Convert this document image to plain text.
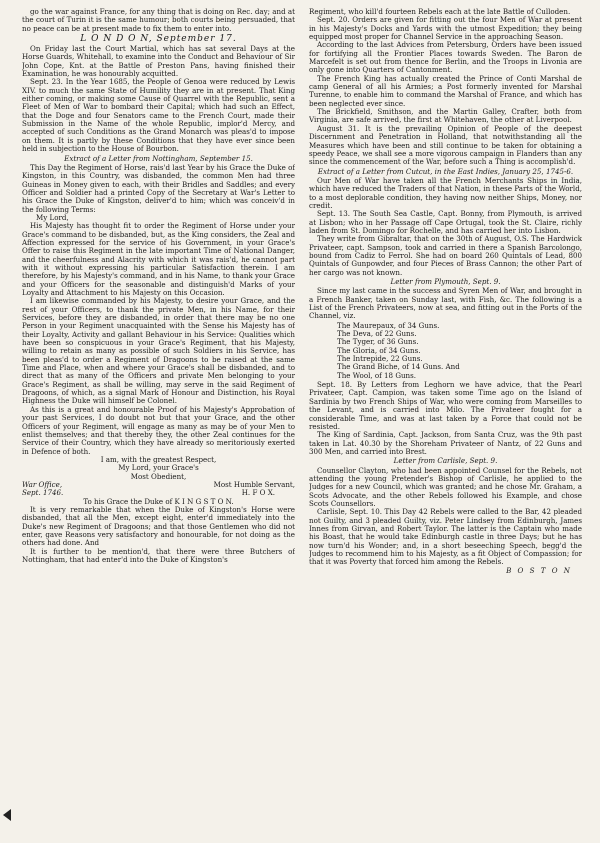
go the war against France, for any thing that is doing on Rec. day; and at the court of Turin it is the same humour; both courts being persuaded, that no peace can be at present made to fix them to enter into.

L O N D O N, September 17.

On Friday last the Court Martial, which has sat several Days at the Horse Guards, Whitehall, to examine into the Conduct and Behaviour of Sir John Cope, Knt. at the Battle of Preston Pans, having finished their Examination, he was honourably acquitted.

Sept. 23. In the Year 1685, the People of Genoa were reduced by Lewis XIV. to much the same State of Humility they are in at present. That King either coming, or making some Cause of Quarrel with the Republic, sent a Fleet of Men of War to bombard their Capital; which had such an Effect, that the Doge and four Senators came to the French Court, made their Submission in the Name of the whole Republic, implor'd Mercy, and accepted of such Conditions as the Grand Monarch was pleas'd to impose on them. It is partly by these Conditions that they have ever since been held in subjection to the House of Bourbon.

Extract of a Letter from Nottingham, September 15.

This Day the Regiment of Horse, rais'd last Year by his Grace the Duke of Kingston, in this Country, was disbanded, the common Men had three Guineas in Money given to each, with their Bridles and Saddles; and every Officer and Soldier had a printed Copy of the Secretary at War's Letter to his Grace the Duke of Kingston, deliver'd to him; which was conceiv'd in the following Terms:

My Lord,

His Majesty has thought fit to order the Regiment of Horse under your Grace's command to be disbanded, but, as the King considers, the Zeal and Affection expressed for the service of his Government, in your Grace's Offer to raise this Regiment in the late important Time of National Danger, and the cheerfulness and Alacrity with which it was rais'd, he cannot part with it without expressing his particular Satisfaction therein. I am therefore, by his Majesty's command, and in his Name, to thank your Grace and your Officers for the seasonable and distinguish'd Marks of your Loyalty and Attachment to his Majesty on this Occasion.

I am likewise commanded by his Majesty, to desire your Grace, and the rest of your Officers, to thank the private Men, in his Name, for their Services, before they are disbanded, in order that there may be no one Person in your Regiment unacquainted with the Sense his Majesty has of their Loyalty, Activity and gallant Behaviour in his Service: Qualities which have been so conspicuous in your Grace's Regiment, that his Majesty, willing to retain as many as possible of such Soldiers in his Service, has been pleas'd to order a Regiment of Dragoons to be raised at the same Time and Place, when and where your Grace's shall be disbanded, and to direct that as many of the Officers and private Men belonging to your Grace's Regiment, as shall be willing, may serve in the said Regiment of Dragoons, of which, as a signal Mark of Honour and Distinction, his Royal Highness the Duke will himself be Colonel.

As this is a great and honourable Proof of his Majesty's Approbation of your past Services, I do doubt not but that your Grace, and the other Officers of your Regiment, will engage as many as may be of your Men to enlist themselves; and that thereby they, the other Zeal continues for the Service of their Country, which they have already so meritoriously exerted in Defence of both.

I am, with the greatest Respect,
My Lord, your Grace's
Most Obedient,
War Office,	Most Humble Servant,
Sept. 1746.	H. F O X.
To his Grace the Duke of K I N G S T O N.

It is very remarkable that when the Duke of Kingston's Horse were disbanded, that all the Men, except eight, enter'd immediately into the Duke's new Regiment of Dragoons; and that those Gentlemen who did not enter, gave Reasons very satisfactory and honourable, for not doing as the others had done. And

It is further to be mention'd, that there were three Butchers of Nottingham, that had enter'd into the Duke of Kingston's

Regiment, who kill'd fourteen Rebels each at the late Battle of Culloden.

Sept. 20. Orders are given for fitting out the four Men of War at present in his Majesty's Docks and Yards with the utmost Expedition; they being equipped most proper for Channel Service in the approaching Season.

According to the last Advices from Petersburg, Orders have been issued for fortifying all the Frontier Places towards Sweden. The Baron de Marcefelt is set out from thence for Berlin, and the Troops in Livonia are only gone into Quarters of Cantonment.

The French King has actually created the Prince of Conti Marshal de camp General of all his Armies; a Post formerly invented for Marshal Turenne, to enable him to command the Marshal of France, and which has been neglected ever since.

The Brickfield, Smithson, and the Martin Galley, Crafter, both from Virginia, are safe arrived, the first at Whitehaven, the other at Liverpool.

August 31. It is the prevailing Opinion of People of the deepest Discernment and Penetration in Holland, that notwithstanding all the Measures which have been and still continue to be taken for obtaining a speedy Peace, we shall see a more vigorous campaign in Flanders than any since the commencement of the War, before such a Thing is accomplish'd.

Extract of a Letter from Cutcut, in the East Indies, January 25, 1745-6.

Our Men of War have taken all the French Merchants Ships in India, which have reduced the Traders of that Nation, in these Parts of the World, to a most deplorable condition, they having now neither Ships, Money, nor credit.

Sept. 13. The South Sea Castle, Capt. Bonny, from Plymouth, is arrived at Lisbon; who in her Passage off Cape Ortugal, took the St. Claire, richly laden from St. Domingo for Rochelle, and has carried her into Lisbon.

They write from Gibraltar, that on the 30th of August, O.S. The Hardwick Privateer, capt. Sampson, took and carried in there a Spanish Barcolongo, bound from Cadiz to Ferrol. She had on board 260 Quintals of Lead, 800 Quintals of Gunpowder, and four Pieces of Brass Cannon; the other Part of her cargo was not known.

Letter from Plymouth, Sept. 9.

Since my last came in the success and Syren Men of War, and brought in a French Banker, taken on Sunday last, with Fish, &c. The following is a List of the French Privateers, now at sea, and fitting out in the Ports of the Channel, viz.

The Maurepaux, of 34 Guns.
The Deva, of 22 Guns.
The Tyger, of 36 Guns.
The Gloria, of 34 Guns.
The Intrepide, 22 Guns.
The Grand Biche, of 14 Guns. And
The Wool, of 18 Guns.

Sept. 18. By Letters from Leghorn we have advice, that the Pearl Privateer, Capt. Campion, was taken some Time ago on the Island of Sardinia by two French Ships of War, who were coming from Marseilles to the Levant, and is carried into Milo. The Privateer fought for a considerable Time, and was at last taken by a Force that could not be resisted.

The King of Sardinia, Capt. Jackson, from Santa Cruz, was the 9th past taken in Lat. 40.30 by the Shoreham Privateer of Nantz, of 22 Guns and 300 Men, and carried into Brest.

Letter from Carlisle, Sept. 9.

Counsellor Clayton, who had been appointed Counsel for the Rebels, not attending the young Pretender's Bishop of Carlisle, he applied to the Judges for a new Council, which was granted; and he chose Mr. Graham, a Scots Advocate, and the other Rebels followed his Example, and chose Scots Counsellors.

Carlisle, Sept. 10. This Day 42 Rebels were called to the Bar, 42 pleaded not Guilty, and 3 pleaded Guilty, viz. Peter Lindsey from Edinburgh, James Innes from Girvan, and Robert Taylor. The latter is the Captain who made his Boast, that he would take Edinburgh castle in three Days; but he has now turn'd his Wonder; and, in a short beseeching Speech, begg'd the Judges to recommend him to his Majesty, as a fit Object of Compassion; for that it was Poverty that forced him among the Rebels.

B O S T O N
